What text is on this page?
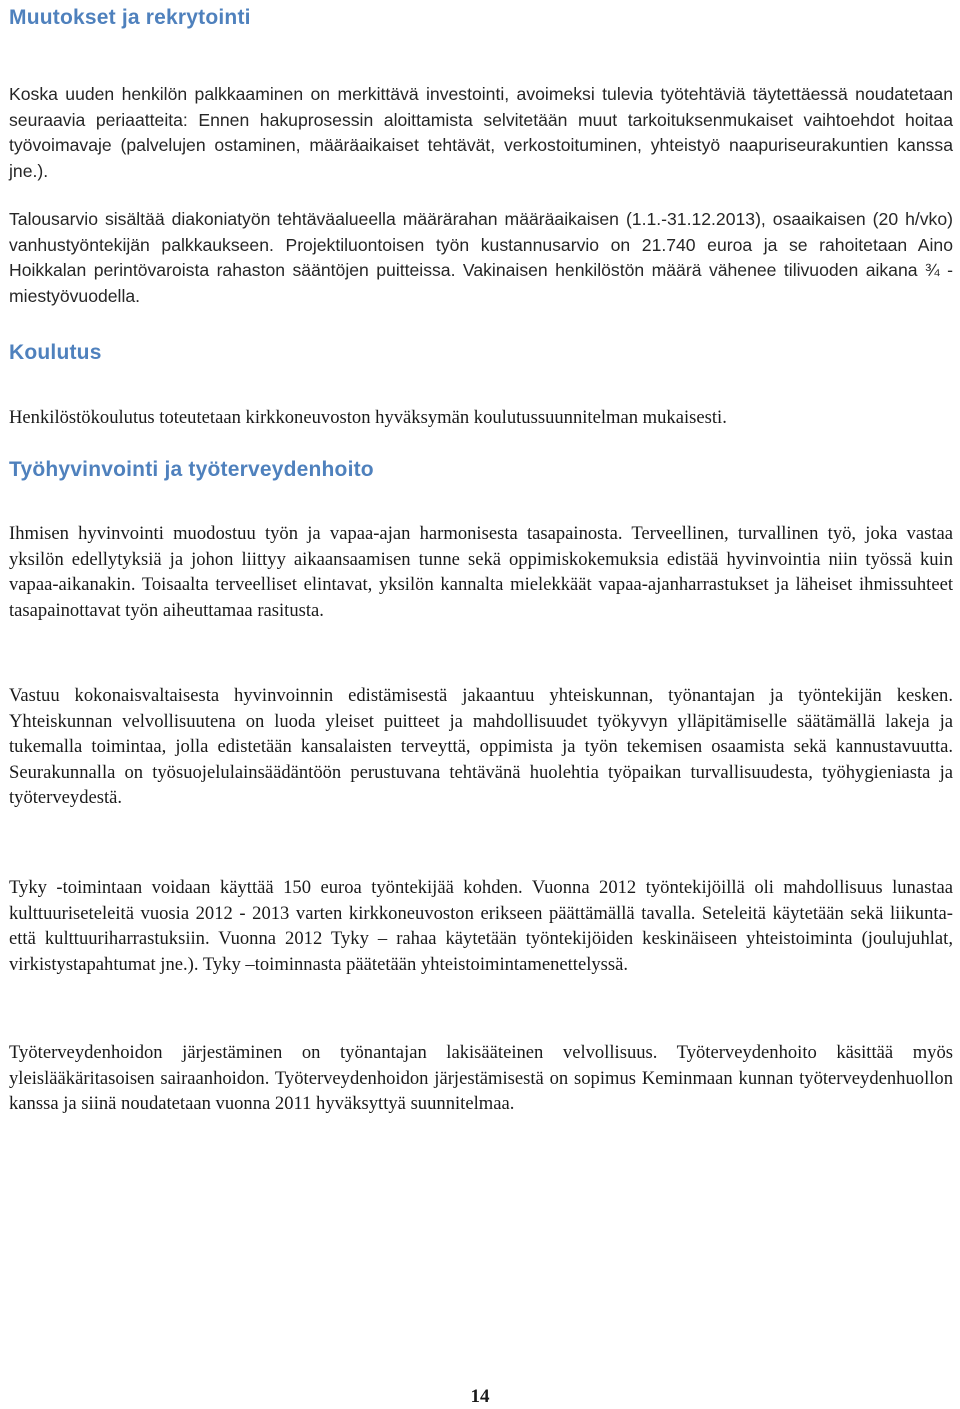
Muutokset ja rekrytointi

Koska uuden henkilön palkkaaminen on merkittävä investointi, avoimeksi tulevia työtehtäviä täytettäessä noudatetaan seuraavia periaatteita: Ennen hakuprosessin aloittamista selvitetään muut tarkoituksenmukaiset vaihtoehdot hoitaa työvoimavaje (palvelujen ostaminen, määräaikaiset tehtävät, verkostoituminen, yhteistyö naapuriseurakuntien kanssa jne.).

Talousarvio sisältää diakoniatyön tehtäväalueella määrärahan määräaikaisen (1.1.-31.12.2013), osaaikaisen (20 h/vko) vanhustyöntekijän palkkaukseen. Projektiluontoisen työn kustannusarvio on 21.740 euroa ja se rahoitetaan Aino Hoikkalan perintövaroista rahaston sääntöjen puitteissa. Vakinaisen henkilöstön määrä vähenee tilivuoden aikana ¾ -miestyövuodella.

Koulutus

Henkilöstökoulutus toteutetaan kirkkoneuvoston hyväksymän koulutussuunnitelman mukaisesti.

Työhyvinvointi ja työterveydenhoito

Ihmisen hyvinvointi muodostuu työn ja vapaa-ajan harmonisesta tasapainosta. Terveellinen, turvallinen työ, joka vastaa yksilön edellytyksiä ja johon liittyy aikaansaamisen tunne sekä oppimiskokemuksia edistää hyvinvointia niin työssä kuin vapaa-aikanakin. Toisaalta terveelliset elintavat, yksilön kannalta mielekkäät vapaa-ajanharrastukset ja läheiset ihmissuhteet tasapainottavat työn aiheuttamaa rasitusta.

Vastuu kokonaisvaltaisesta hyvinvoinnin edistämisestä jakaantuu yhteiskunnan, työnantajan ja työntekijän kesken. Yhteiskunnan velvollisuutena on luoda yleiset puitteet ja mahdollisuudet työkyvyn ylläpitämiselle säätämällä lakeja ja tukemalla toimintaa, jolla edistetään kansalaisten terveyttä, oppimista ja työn tekemisen osaamista sekä kannustavuutta. Seurakunnalla on työsuojelulainsäädäntöön perustuvana tehtävänä huolehtia työpaikan turvallisuudesta, työhygieniasta ja työterveydestä.

Tyky -toimintaan voidaan käyttää 150 euroa työntekijää kohden. Vuonna 2012 työntekijöillä oli mahdollisuus lunastaa kulttuuriseteleitä vuosia 2012 - 2013 varten kirkkoneuvoston erikseen päättämällä tavalla. Seteleitä käytetään sekä liikunta- että kulttuuriharrastuksiin. Vuonna 2012 Tyky – rahaa käytetään työntekijöiden keskinäiseen yhteistoiminta (joulujuhlat, virkistystapahtumat jne.). Tyky –toiminnasta päätetään yhteistoimintamenettelyssä.

Työterveydenhoidon järjestäminen on työnantajan lakisääteinen velvollisuus. Työterveydenhoito käsittää myös yleislääkäritasoisen sairaanhoidon. Työterveydenhoidon järjestämisestä on sopimus Keminmaan kunnan työterveydenhuollon kanssa ja siinä noudatetaan vuonna 2011 hyväksyttyä suunnitelmaa.

14
